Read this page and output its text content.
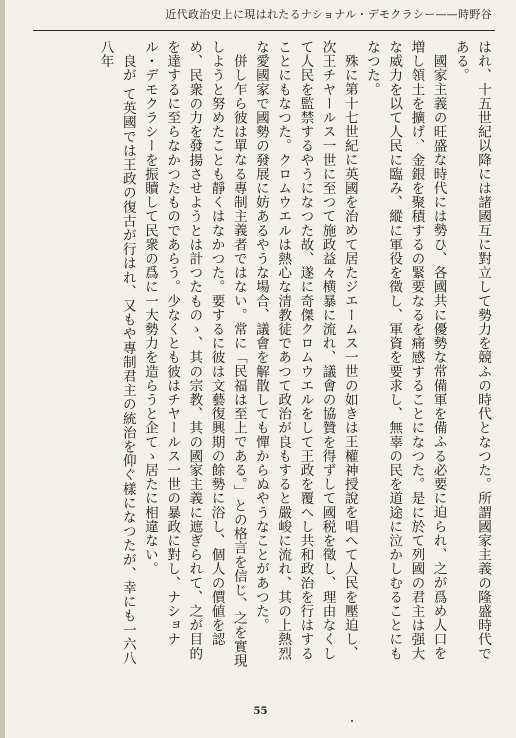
近代政治史上に現はれたるナショナル・デモクラシー——時野谷

はれ、十五世紀以降には諸國互に對立して勢力を競ふの時代となつた。所謂國家主義の隆盛時代である。

國家主義の旺盛な時代には勢ひ、各國共に優勢な常備軍を備ふる必要に迫られ、之が爲め人口を増し領土を擴げ、金銀を聚積するの緊要なるを痛感することになつた。是に於て列國の君主は强大な威力を以て人民に臨み、縱に軍役を徵し、軍資を要求し、無辜の民を道途に泣かしむることにもなつた。

殊に第十七世紀に英國を治めて居たジエームス一世の如きは王權神授說を唱へて人民を壓迫し、次王チヤールス一世に至つて施政益々横暴に流れ、議會の協贊を得ずして國税を徵し、理由なくして人民を監禁するやうになつた故、遂に奇傑クロムウエルをして王政を覆へし共和政治を行はすることにもなつた。クロムウエルは熱心な清教徒であつて政治が良もすると嚴峻に流れ、其の上熱烈な愛國家で國勢の發展に妨あるやうな場合、議會を解散しても憚からぬやうなことがあつた。

併し乍ら彼は單なる專制主義者ではない。常に「民福は至上である。」との格言を信じ、之を實現しようと努めたことも靜くはなかつた。要するに彼は文藝復興期の餘勢に浴し、個人の價値を認め、民衆の力を發揚させようとは計つたものゝ、其の宗教、其の國家主義に遮ぎられて、之が目的を達するに至らなかつたものであらう。少なくとも彼はチヤールス一世の暴政に對し、ナショナル・デモクラシーを振贖して民衆の爲に一大勢力を造らうと企てゝ居たに相違ない。

良が て英國では王政の復古が行はれ、又もや專制君主の統治を仰ぐ樣になつたが、幸にも一六八八年

55
